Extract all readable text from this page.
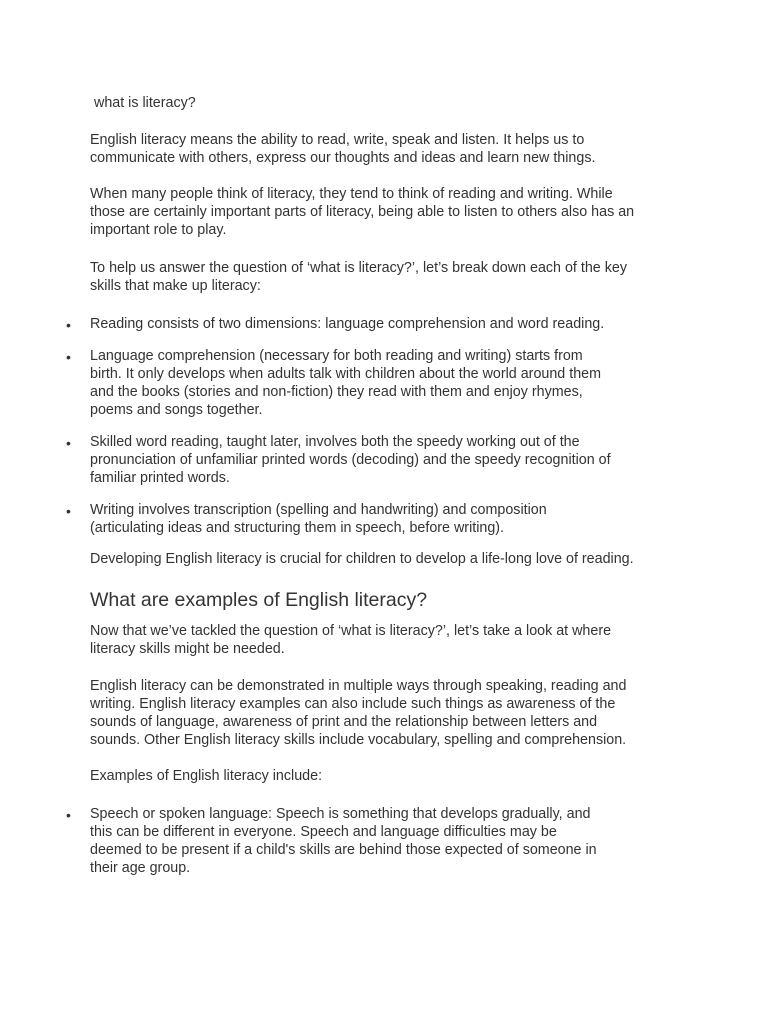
what is literacy?

English literacy means the ability to read, write, speak and listen. It helps us to
communicate with others, express our thoughts and ideas and learn new things.

When many people think of literacy, they tend to think of reading and writing. While
those are certainly important parts of literacy, being able to listen to others also has an
important role to play.

To help us answer the question of ‘what is literacy?’, let’s break down each of the key
skills that make up literacy:

• Reading consists of two dimensions: language comprehension and word reading.

• Language comprehension (necessary for both reading and writing) starts from
birth. It only develops when adults talk with children about the world around them
and the books (stories and non-fiction) they read with them and enjoy rhymes,
poems and songs together.

• Skilled word reading, taught later, involves both the speedy working out of the
pronunciation of unfamiliar printed words (decoding) and the speedy recognition of
familiar printed words.

• Writing involves transcription (spelling and handwriting) and composition
(articulating ideas and structuring them in speech, before writing).

Developing English literacy is crucial for children to develop a life-long love of reading.

What are examples of English literacy?

Now that we’ve tackled the question of ‘what is literacy?’, let’s take a look at where
literacy skills might be needed.

English literacy can be demonstrated in multiple ways through speaking, reading and
writing. English literacy examples can also include such things as awareness of the
sounds of language, awareness of print and the relationship between letters and
sounds. Other English literacy skills include vocabulary, spelling and comprehension.

Examples of English literacy include:

• Speech or spoken language: Speech is something that develops gradually, and
this can be different in everyone. Speech and language difficulties may be
deemed to be present if a child's skills are behind those expected of someone in
their age group.
